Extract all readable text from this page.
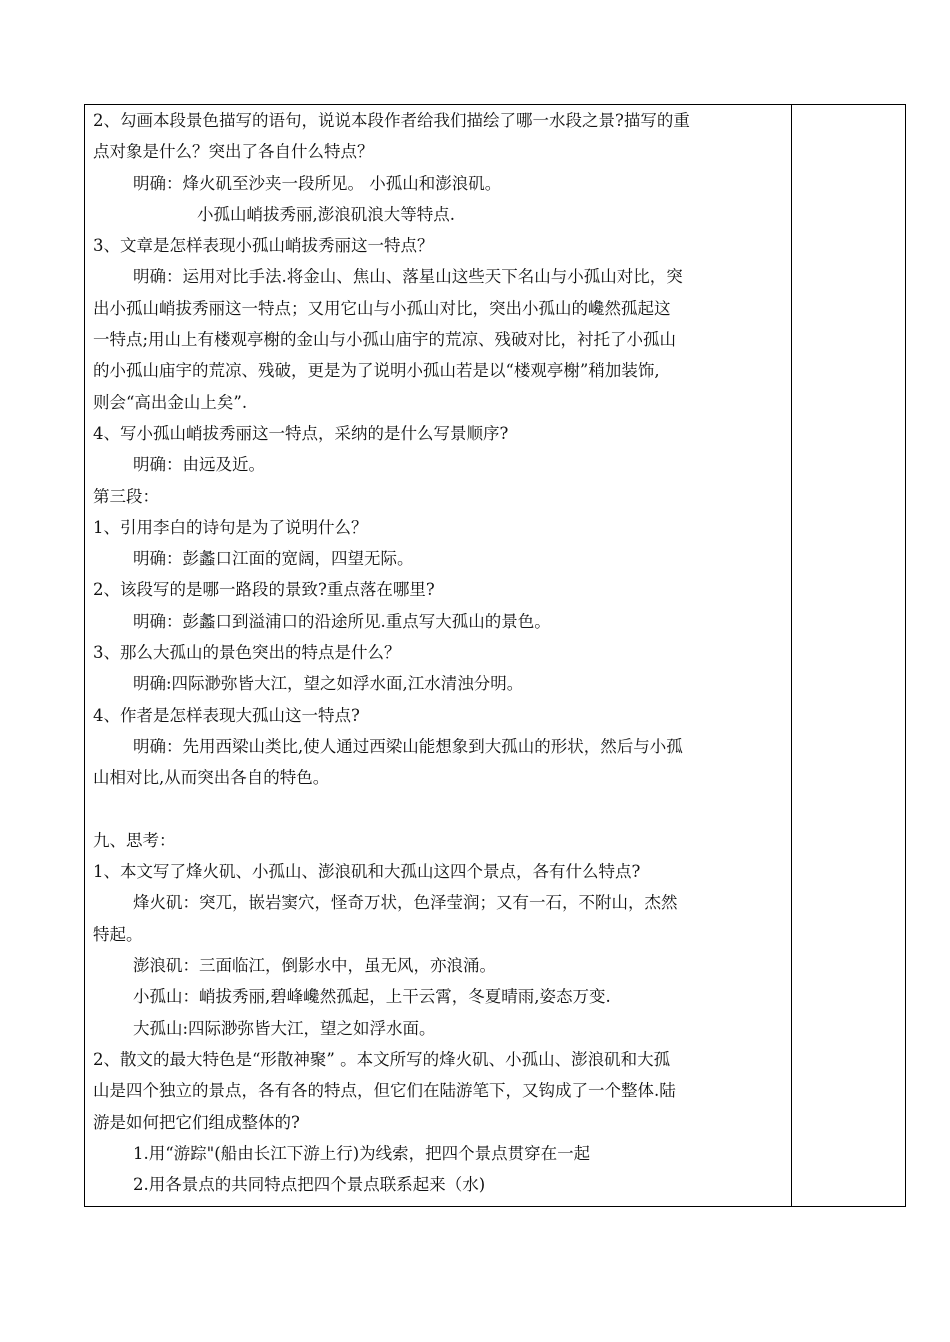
2、勾画本段景色描写的语句，说说本段作者给我们描绘了哪一水段之景?描写的重
点对象是什么？突出了各自什么特点？
明确：烽火矶至沙夹一段所见。 小孤山和澎浪矶。
小孤山峭拔秀丽,澎浪矶浪大等特点.
3、文章是怎样表现小孤山峭拔秀丽这一特点？
明确：运用对比手法.将金山、焦山、落星山这些天下名山与小孤山对比，突
出小孤山峭拔秀丽这一特点；又用它山与小孤山对比，突出小孤山的巉然孤起这
一特点;用山上有楼观亭榭的金山与小孤山庙宇的荒凉、残破对比，衬托了小孤山
的小孤山庙宇的荒凉、残破，更是为了说明小孤山若是以“楼观亭榭”稍加装饰,
则会“高出金山上矣”.
4、写小孤山峭拔秀丽这一特点，采纳的是什么写景顺序?
明确：由远及近。
第三段：
1、引用李白的诗句是为了说明什么？
明确：彭蠡口江面的宽阔，四望无际。
2、该段写的是哪一路段的景致?重点落在哪里?
明确：彭蠡口到溢浦口的沿途所见.重点写大孤山的景色。
3、那么大孤山的景色突出的特点是什么？
明确:四际渺弥皆大江，望之如浮水面,江水清浊分明。
4、作者是怎样表现大孤山这一特点?
明确：先用西梁山类比,使人通过西梁山能想象到大孤山的形状，然后与小孤
山相对比,从而突出各自的特色。
九、思考：
1、本文写了烽火矶、小孤山、澎浪矶和大孤山这四个景点，各有什么特点?
烽火矶：突兀，嵌岩窦穴，怪奇万状，色泽莹润；又有一石，不附山，杰然
特起。
澎浪矶：三面临江，倒影水中，虽无风，亦浪涌。
小孤山：峭拔秀丽,碧峰巉然孤起，上干云霄，冬夏晴雨,姿态万变.
大孤山:四际渺弥皆大江，望之如浮水面。
2、散文的最大特色是“形散神聚” 。本文所写的烽火矶、小孤山、澎浪矶和大孤
山是四个独立的景点，各有各的特点，但它们在陆游笔下，又钩成了一个整体.陆
游是如何把它们组成整体的?
1.用“游踪"(船由长江下游上行)为线索，把四个景点贯穿在一起
2.用各景点的共同特点把四个景点联系起来（水)
